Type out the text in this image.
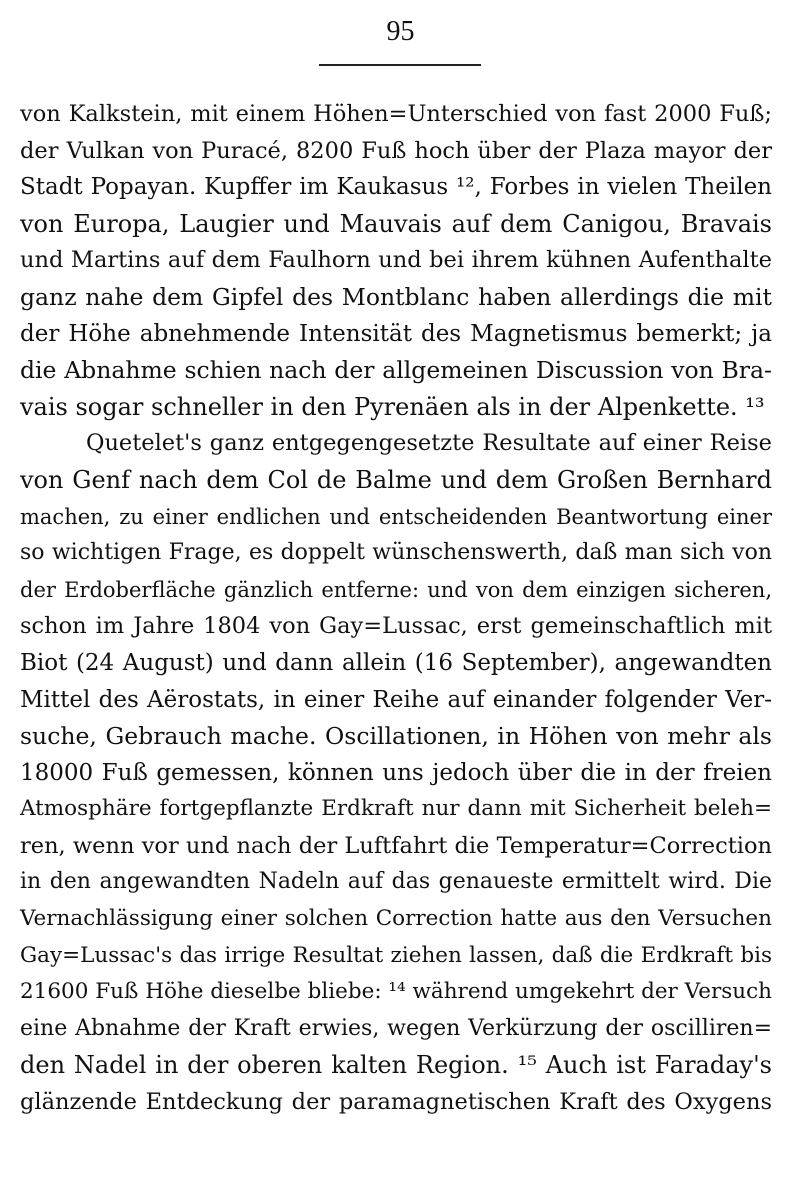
95
von Kalkstein, mit einem Höhen=Unterschied von fast 2000 Fuß;
der Vulkan von Puracé, 8200 Fuß hoch über der Plaza mayor der
Stadt Popayan. Kupffer im Kaukasus ¹², Forbes in vielen Theilen
von Europa, Laugier und Mauvais auf dem Canigou, Bravais
und Martins auf dem Faulhorn und bei ihrem kühnen Aufenthalte
ganz nahe dem Gipfel des Montblanc haben allerdings die mit
der Höhe abnehmende Intensität des Magnetismus bemerkt; ja
die Abnahme schien nach der allgemeinen Discussion von Bra-
vais sogar schneller in den Pyrenäen als in der Alpenkette. ¹³
Quetelet's ganz entgegengesetzte Resultate auf einer Reise
von Genf nach dem Col de Balme und dem Großen Bernhard
machen, zu einer endlichen und entscheidenden Beantwortung einer
so wichtigen Frage, es doppelt wünschenswerth, daß man sich von
der Erdoberfläche gänzlich entferne: und von dem einzigen sicheren,
schon im Jahre 1804 von Gay=Lussac, erst gemeinschaftlich mit
Biot (24 August) und dann allein (16 September), angewandten
Mittel des Aërostats, in einer Reihe auf einander folgender Ver-
suche, Gebrauch mache. Oscillationen, in Höhen von mehr als
18000 Fuß gemessen, können uns jedoch über die in der freien
Atmosphäre fortgepflanzte Erdkraft nur dann mit Sicherheit beleh=
ren, wenn vor und nach der Luftfahrt die Temperatur=Correction
in den angewandten Nadeln auf das genaueste ermittelt wird. Die
Vernachlässigung einer solchen Correction hatte aus den Versuchen
Gay=Lussac's das irrige Resultat ziehen lassen, daß die Erdkraft bis
21600 Fuß Höhe dieselbe bliebe: ¹⁴ während umgekehrt der Versuch
eine Abnahme der Kraft erwies, wegen Verkürzung der oscilliren=
den Nadel in der oberen kalten Region. ¹⁵ Auch ist Faraday's
glänzende Entdeckung der paramagnetischen Kraft des Oxygens
